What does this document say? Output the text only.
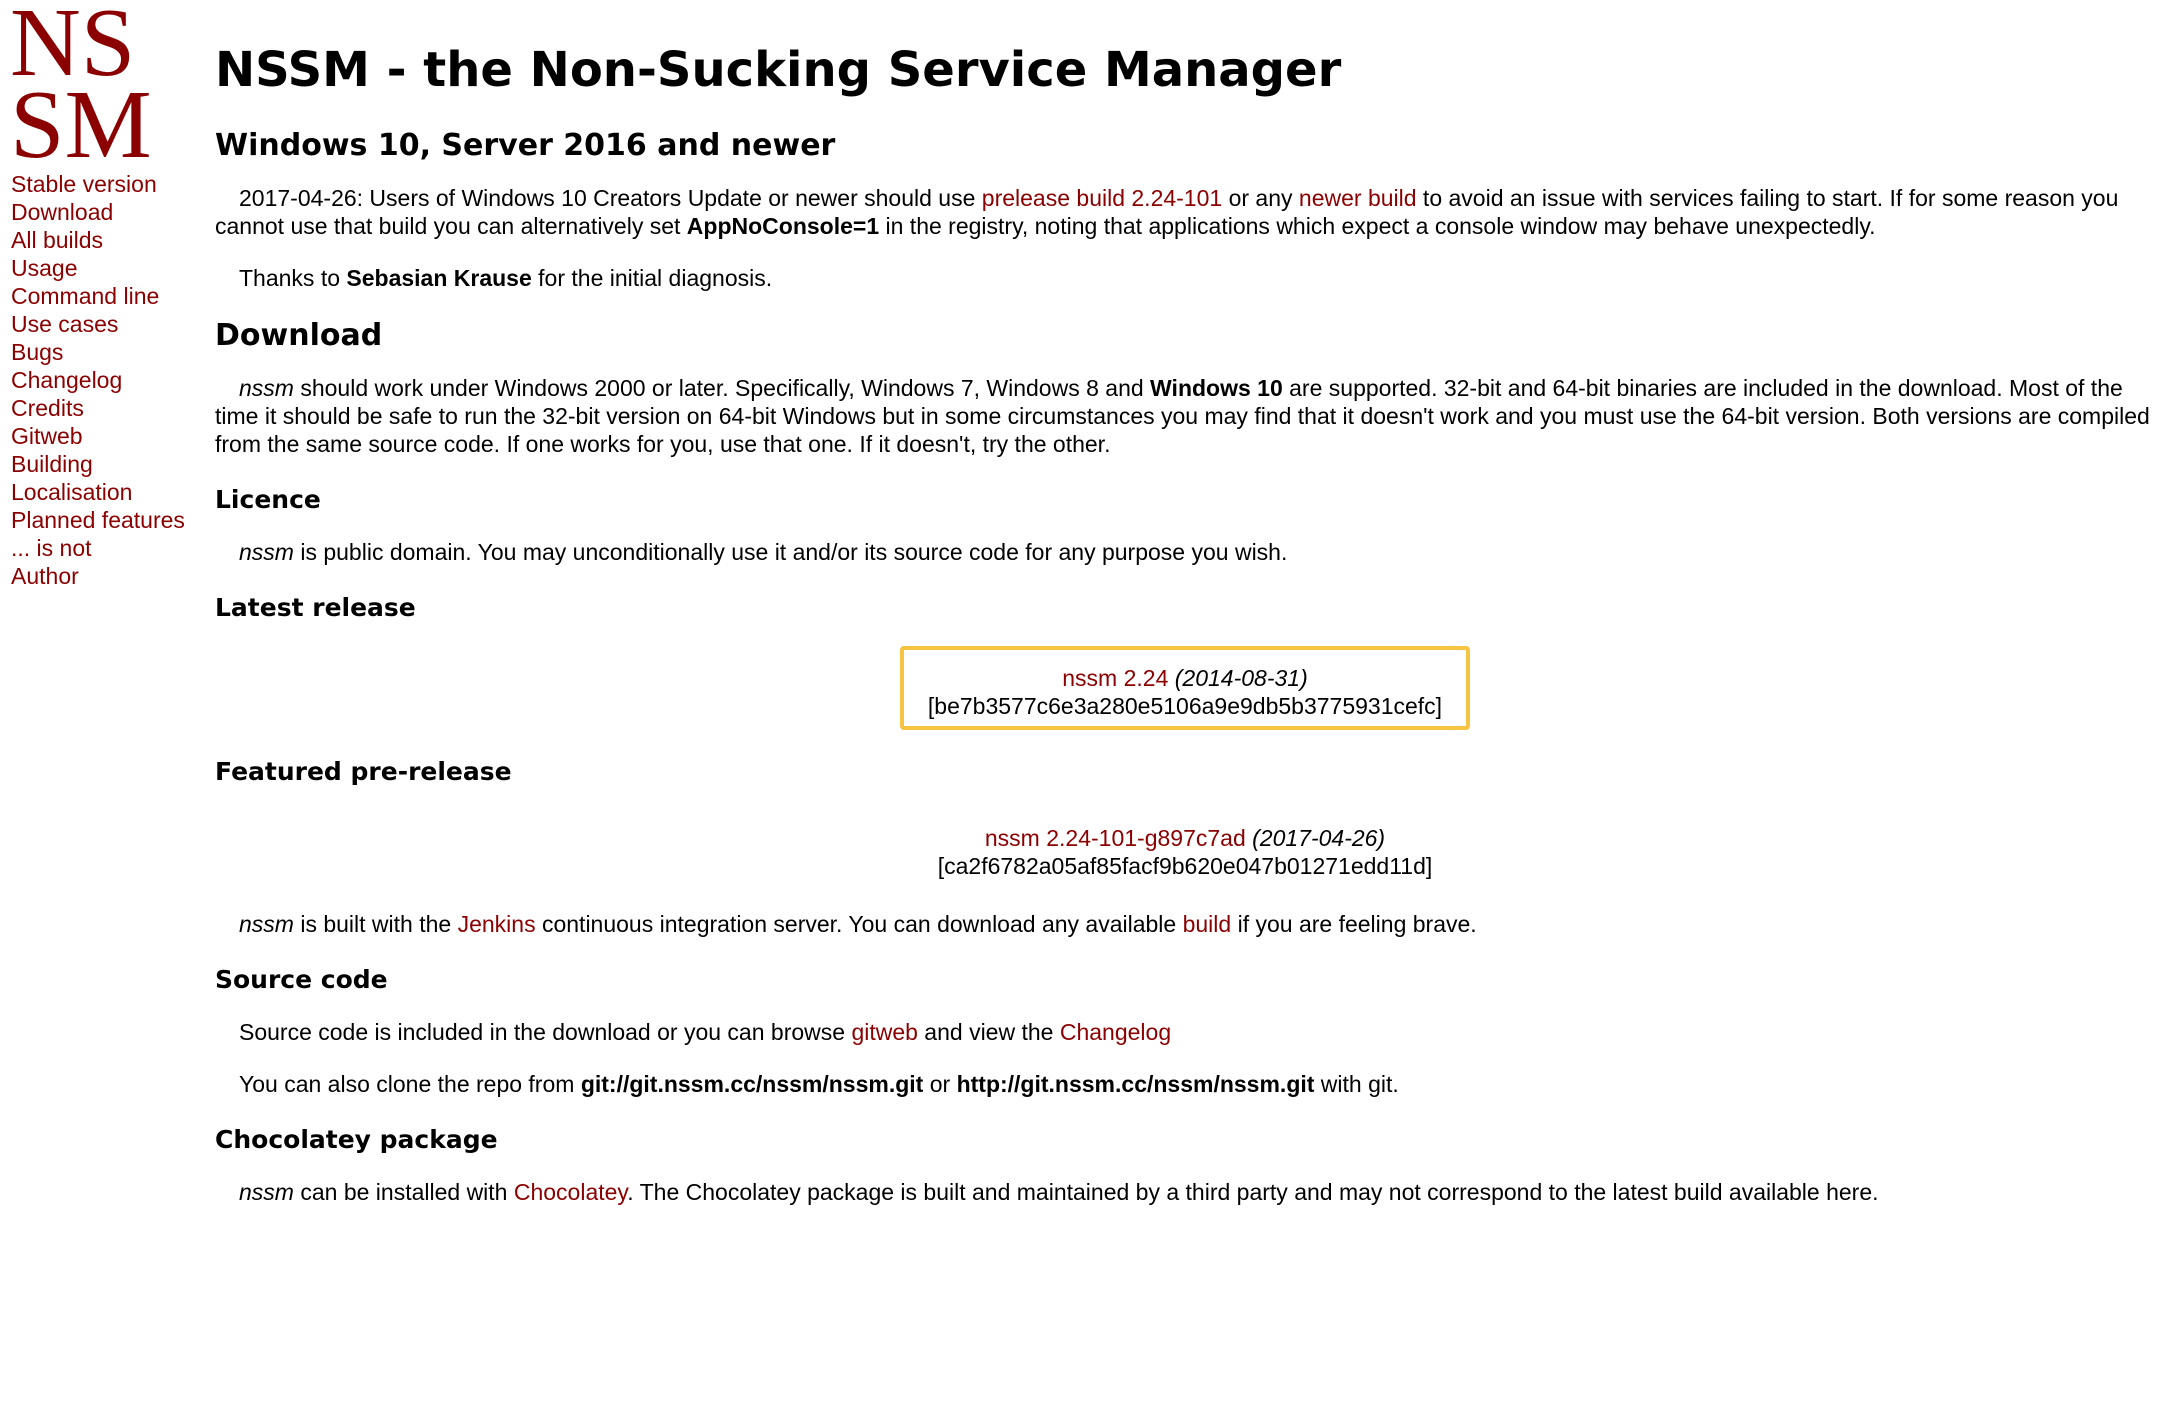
NS
SM
Stable version
Download
All builds
Usage
Command line
Use cases
Bugs
Changelog
Credits
Gitweb
Building
Localisation
Planned features
... is not
Author
NSSM - the Non-Sucking Service Manager
Windows 10, Server 2016 and newer

2017-04-26: Users of Windows 10 Creators Update or newer should use prelease build 2.24-101 or any newer build to avoid an issue with services failing to start. If for some reason you cannot use that build you can alternatively set AppNoConsole=1 in the registry, noting that applications which expect a console window may behave unexpectedly.

Thanks to Sebasian Krause for the initial diagnosis.

Download

nssm should work under Windows 2000 or later. Specifically, Windows 7, Windows 8 and Windows 10 are supported. 32-bit and 64-bit binaries are included in the download. Most of the time it should be safe to run the 32-bit version on 64-bit Windows but in some circumstances you may find that it doesn't work and you must use the 64-bit version. Both versions are compiled from the same source code. If one works for you, use that one. If it doesn't, try the other.

Licence

nssm is public domain. You may unconditionally use it and/or its source code for any purpose you wish.

Latest release
nssm 2.24 (2014-08-31)
[be7b3577c6e3a280e5106a9e9db5b3775931cefc]
Featured pre-release
nssm 2.24-101-g897c7ad (2017-04-26)
[ca2f6782a05af85facf9b620e047b01271edd11d]

nssm is built with the Jenkins continuous integration server. You can download any available build if you are feeling brave.

Source code

Source code is included in the download or you can browse gitweb and view the Changelog

You can also clone the repo from git://git.nssm.cc/nssm/nssm.git or http://git.nssm.cc/nssm/nssm.git with git.

Chocolatey package

nssm can be installed with Chocolatey. The Chocolatey package is built and maintained by a third party and may not correspond to the latest build available here.
